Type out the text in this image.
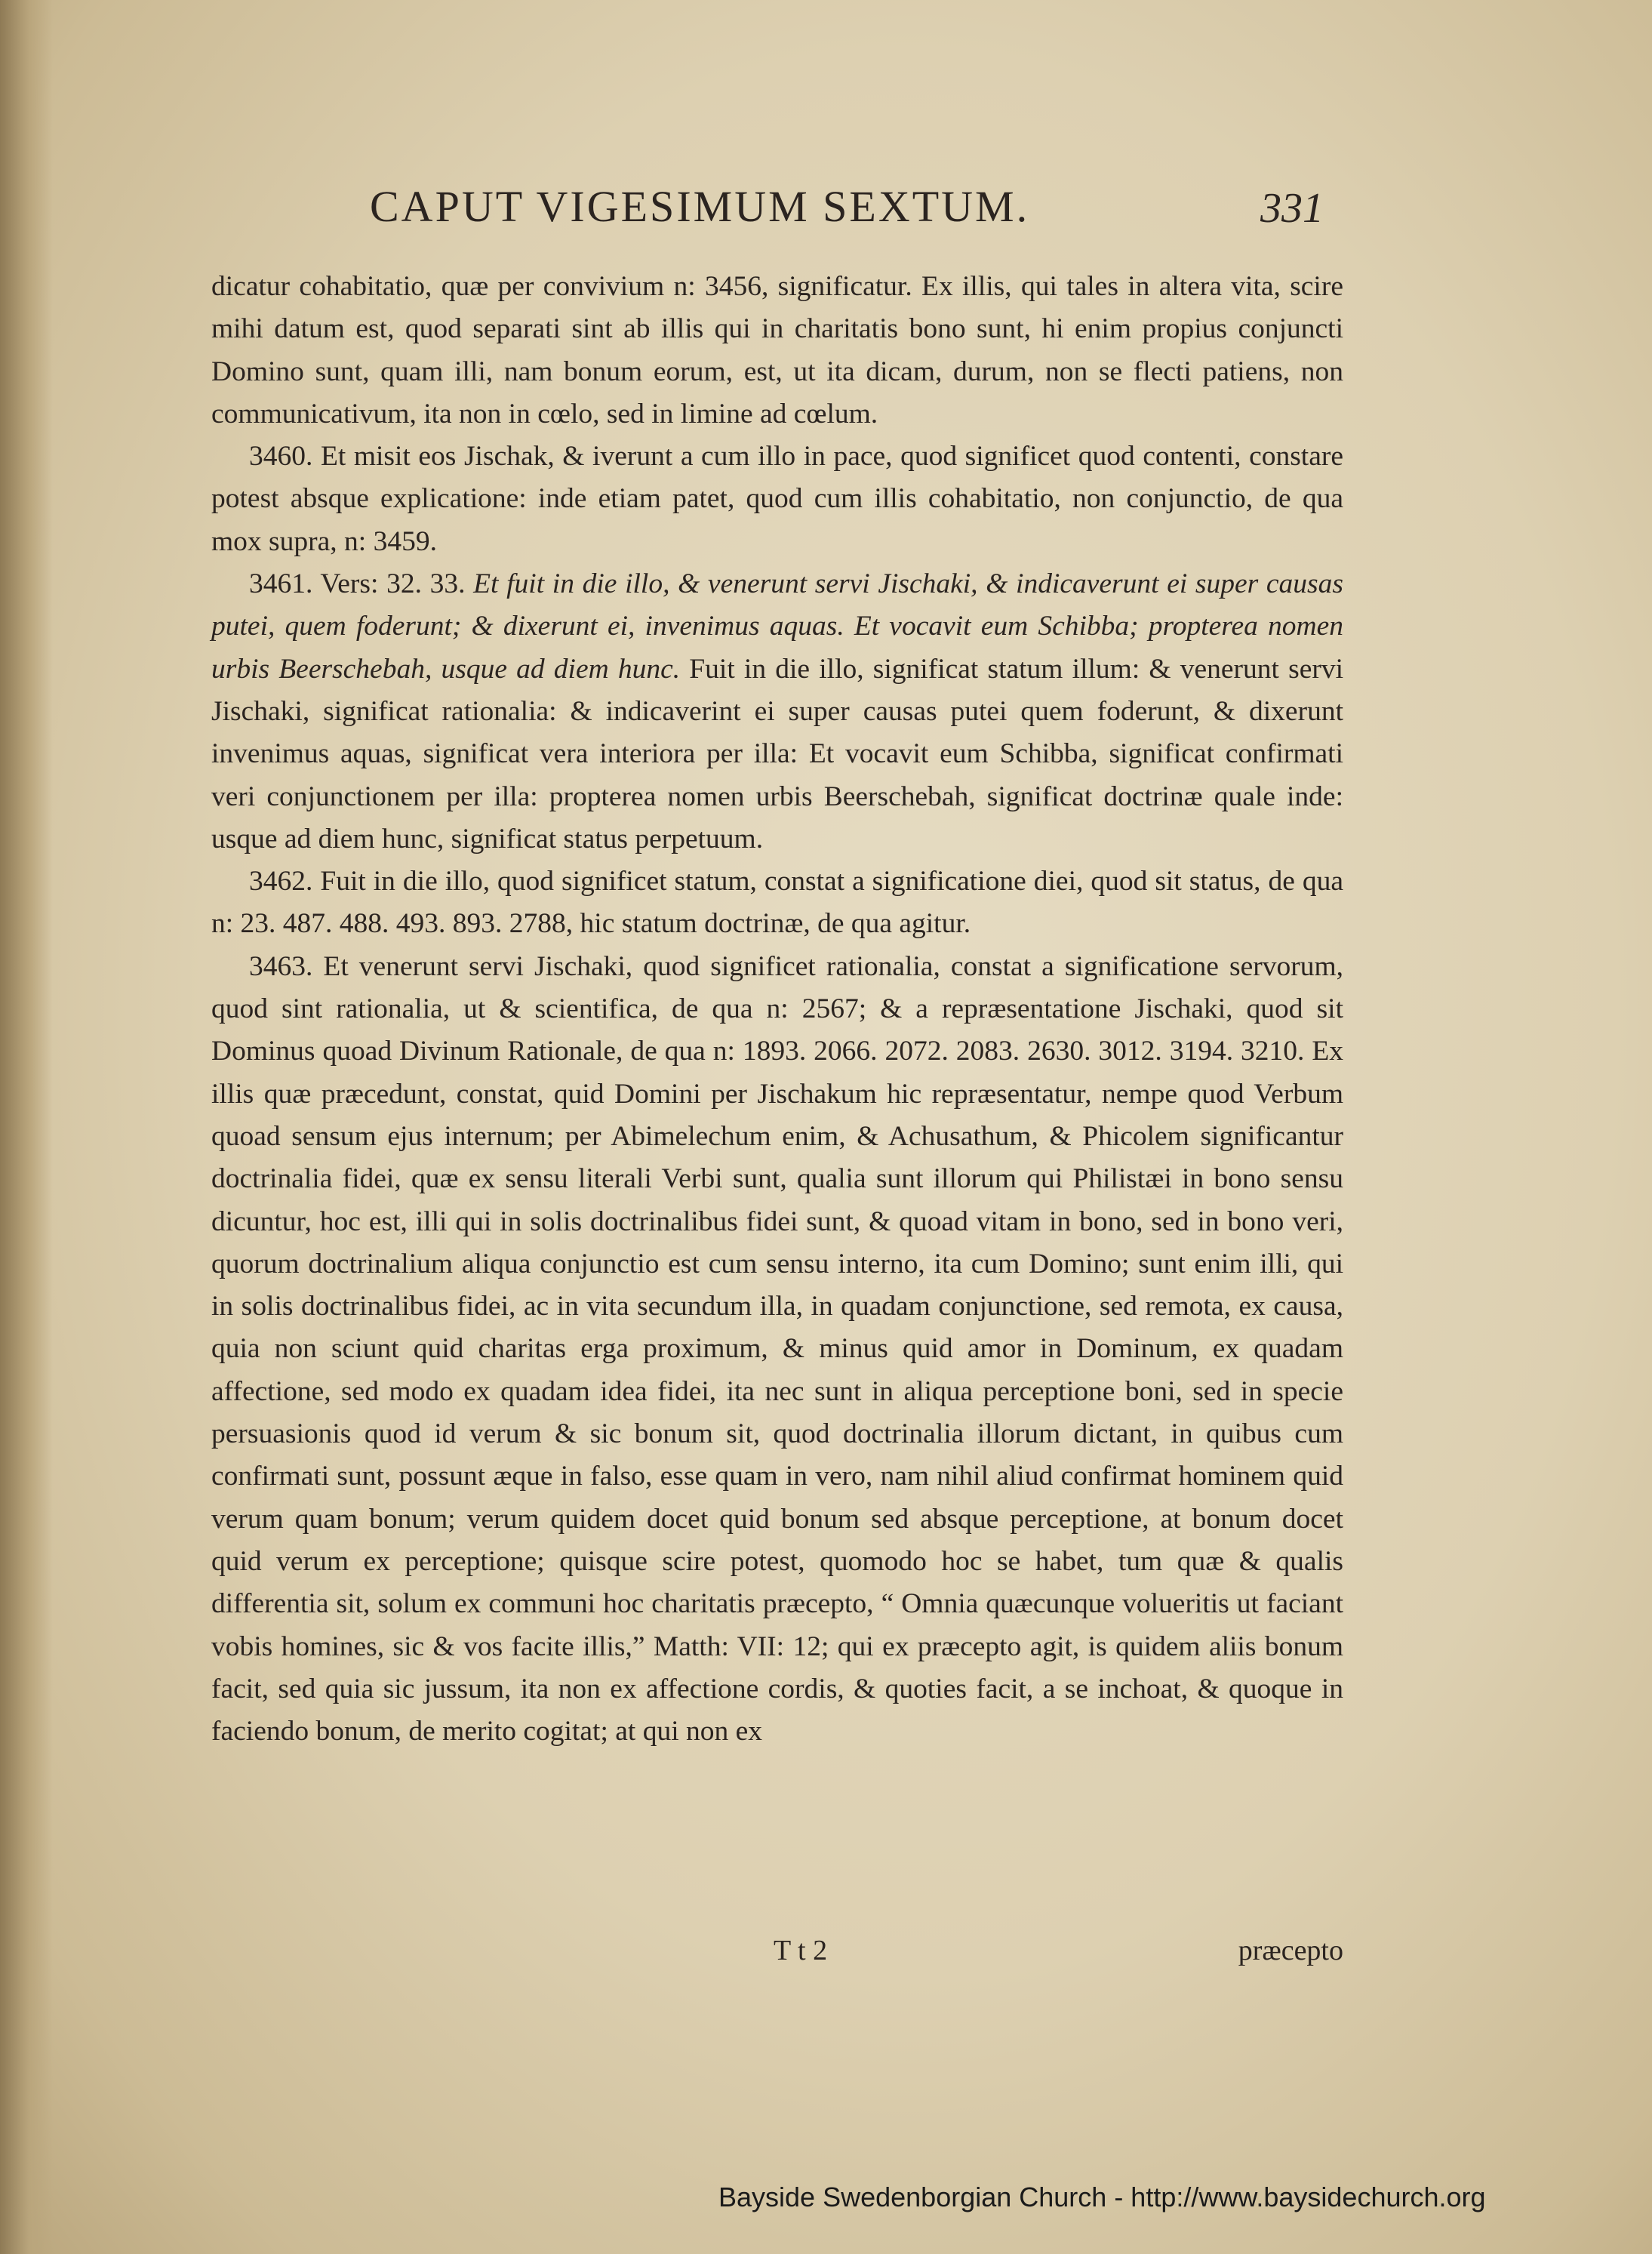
CAPUT VIGESIMUM SEXTUM.	331

dicatur cohabitatio, quæ per convivium n: 3456, significatur. Ex illis, qui tales in altera vita, scire mihi datum est, quod separati sint ab illis qui in charitatis bono sunt, hi enim propius conjuncti Domino sunt, quam illi, nam bonum eorum, est, ut ita dicam, durum, non se flecti patiens, non communicativum, ita non in cœlo, sed in limine ad cœlum.

3460. Et misit eos Jischak, & iverunt a cum illo in pace, quod significet quod contenti, constare potest absque explicatione: inde etiam patet, quod cum illis cohabitatio, non conjunctio, de qua mox supra, n: 3459.

3461. Vers: 32. 33. Et fuit in die illo, & venerunt servi Jischaki, & indicaverunt ei super causas putei, quem foderunt; & dixerunt ei, invenimus aquas. Et vocavit eum Schibba; propterea nomen urbis Beerschebah, usque ad diem hunc. Fuit in die illo, significat statum illum: & venerunt servi Jischaki, significat rationalia: & indicaverint ei super causas putei quem foderunt, & dixerunt invenimus aquas, significat vera interiora per illa: Et vocavit eum Schibba, significat confirmati veri conjunctionem per illa: propterea nomen urbis Beerschebah, significat doctrinæ quale inde: usque ad diem hunc, significat status perpetuum.

3462. Fuit in die illo, quod significet statum, constat a significatione diei, quod sit status, de qua n: 23. 487. 488. 493. 893. 2788, hic statum doctrinæ, de qua agitur.

3463. Et venerunt servi Jischaki, quod significet rationalia, constat a significatione servorum, quod sint rationalia, ut & scientifica, de qua n: 2567; & a repræsentatione Jischaki, quod sit Dominus quoad Divinum Rationale, de qua n: 1893. 2066. 2072. 2083. 2630. 3012. 3194. 3210. Ex illis quæ præcedunt, constat, quid Domini per Jischakum hic repræsentatur, nempe quod Verbum quoad sensum ejus internum; per Abimelechum enim, & Achusathum, & Phicolem significantur doctrinalia fidei, quæ ex sensu literali Verbi sunt, qualia sunt illorum qui Philistæi in bono sensu dicuntur, hoc est, illi qui in solis doctrinalibus fidei sunt, & quoad vitam in bono, sed in bono veri, quorum doctrinalium aliqua conjunctio est cum sensu interno, ita cum Domino; sunt enim illi, qui in solis doctrinalibus fidei, ac in vita secundum illa, in quadam conjunctione, sed remota, ex causa, quia non sciunt quid charitas erga proximum, & minus quid amor in Dominum, ex quadam affectione, sed modo ex quadam idea fidei, ita nec sunt in aliqua perceptione boni, sed in specie persuasionis quod id verum & sic bonum sit, quod doctrinalia illorum dictant, in quibus cum confirmati sunt, possunt æque in falso, esse quam in vero, nam nihil aliud confirmat hominem quid verum quam bonum; verum quidem docet quid bonum sed absque perceptione, at bonum docet quid verum ex perceptione; quisque scire potest, quomodo hoc se habet, tum quæ & qualis differentia sit, solum ex communi hoc charitatis præcepto, “ Omnia quæcunque volueritis ut faciant vobis homines, sic & vos facite illis,” Matth: VII: 12; qui ex præcepto agit, is quidem aliis bonum facit, sed quia sic jussum, ita non ex affectione cordis, & quoties facit, a se inchoat, & quoque in faciendo bonum, de merito cogitat; at qui non ex

T t 2	præcepto
Bayside Swedenborgian Church - http://www.baysidechurch.org
